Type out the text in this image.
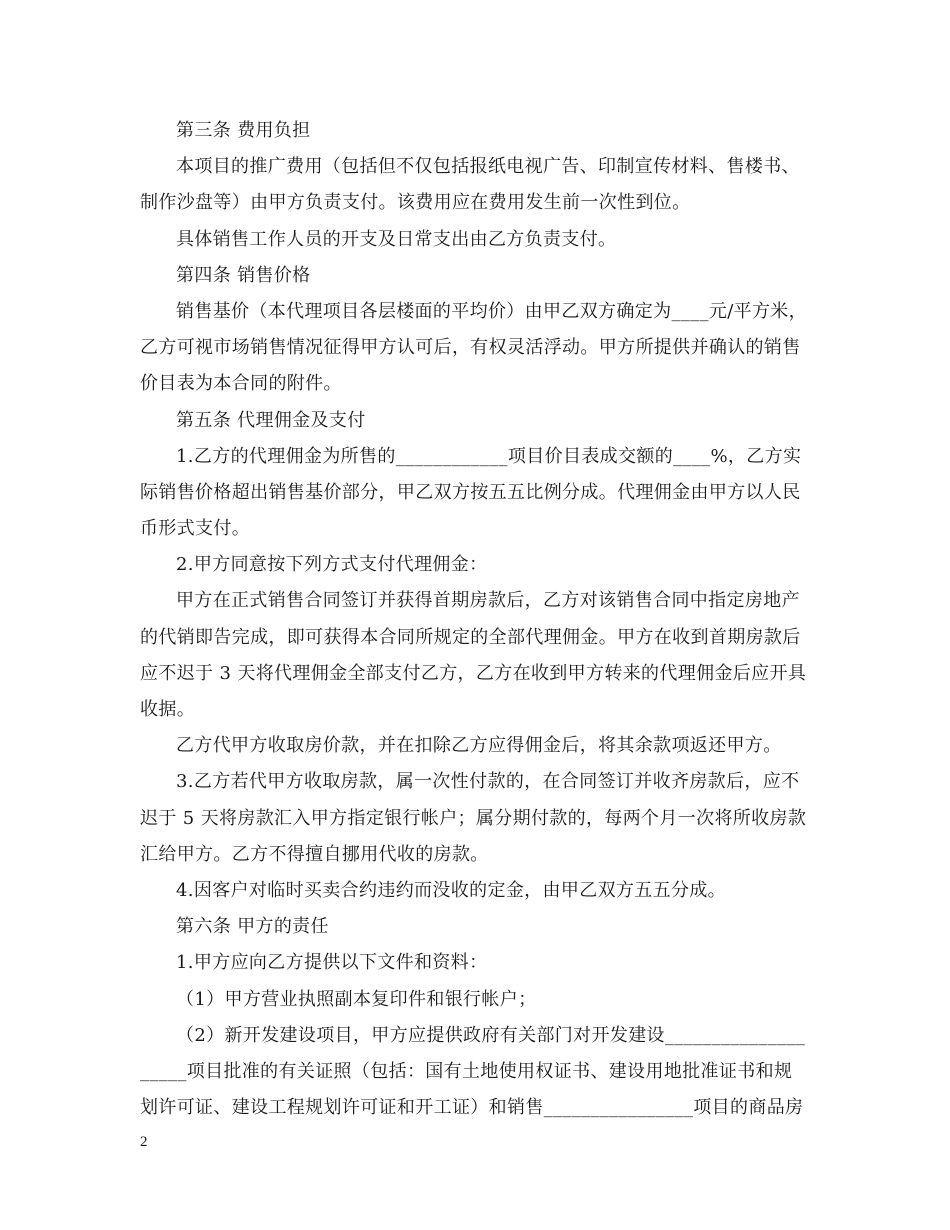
第三条 费用负担
本项目的推广费用（包括但不仅包括报纸电视广告、印制宣传材料、售楼书、
制作沙盘等）由甲方负责支付。该费用应在费用发生前一次性到位。
具体销售工作人员的开支及日常支出由乙方负责支付。
第四条 销售价格
销售基价（本代理项目各层楼面的平均价）由甲乙双方确定为____元/平方米，
乙方可视市场销售情况征得甲方认可后，有权灵活浮动。甲方所提供并确认的销售
价目表为本合同的附件。
第五条 代理佣金及支付
1.乙方的代理佣金为所售的____________项目价目表成交额的____%，乙方实
际销售价格超出销售基价部分，甲乙双方按五五比例分成。代理佣金由甲方以人民
币形式支付。
2.甲方同意按下列方式支付代理佣金：
甲方在正式销售合同签订并获得首期房款后，乙方对该销售合同中指定房地产
的代销即告完成，即可获得本合同所规定的全部代理佣金。甲方在收到首期房款后
应不迟于 3 天将代理佣金全部支付乙方，乙方在收到甲方转来的代理佣金后应开具
收据。
乙方代甲方收取房价款，并在扣除乙方应得佣金后，将其余款项返还甲方。
3.乙方若代甲方收取房款，属一次性付款的，在合同签订并收齐房款后，应不
迟于 5 天将房款汇入甲方指定银行帐户；属分期付款的，每两个月一次将所收房款
汇给甲方。乙方不得擅自挪用代收的房款。
4.因客户对临时买卖合约违约而没收的定金，由甲乙双方五五分成。
第六条 甲方的责任
1.甲方应向乙方提供以下文件和资料：
（1）甲方营业执照副本复印件和银行帐户；
（2）新开发建设项目，甲方应提供政府有关部门对开发建设_______________
_____项目批准的有关证照（包括：国有土地使用权证书、建设用地批准证书和规
划许可证、建设工程规划许可证和开工证）和销售________________项目的商品房
2
